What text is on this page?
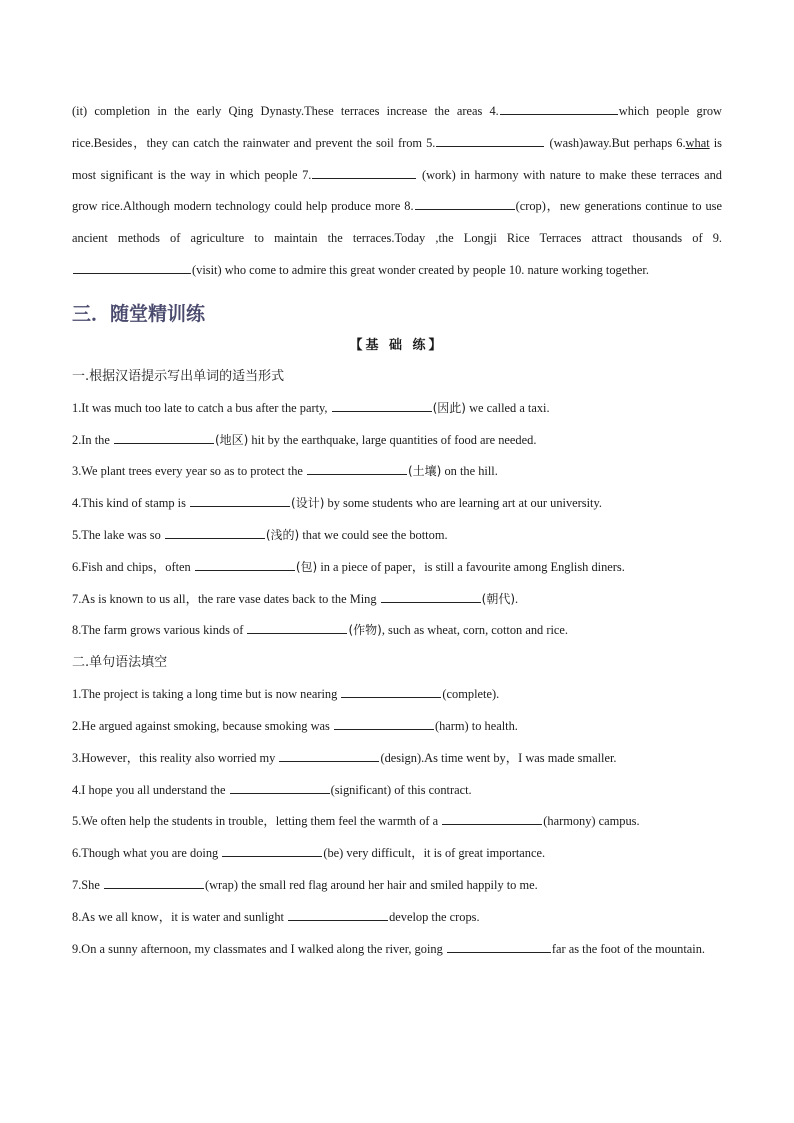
(it) completion in the early Qing Dynasty.These terraces increase the areas 4.	which people grow rice.Besides，they can catch the rainwater and prevent the soil from 5.	(wash)away.But perhaps 6.what is most significant is the way in which people 7.	(work) in harmony with nature to make these terraces and grow rice.Although modern technology could help produce more 8.	(crop)，new generations continue to use ancient methods of agriculture to maintain the terraces.Today ,the Longji Rice Terraces attract thousands of 9.(visit) who come to admire this great wonder created by people 10. nature working together.

三．随堂精训练
【基 础 练】
一.根据汉语提示写出单词的适当形式
1.It was much too late to catch a bus after the party,	(因此) we called a taxi.
2.In the	(地区) hit by the earthquake, large quantities of food are needed.
3.We plant trees every year so as to protect the	(土壤) on the hill.
4.This kind of stamp is	(设计) by some students who are learning art at our university.
5.The lake was so	(浅的) that we could see the bottom.
6.Fish and chips，often	(包) in a piece of paper，is still a favourite among English diners.
7.As is known to us all，the rare vase dates back to the Ming	(朝代).
8.The farm grows various kinds of	(作物), such as wheat, corn, cotton and rice.
二.单句语法填空
1.The project is taking a long time but is now nearing	(complete).
2.He argued against smoking, because smoking was	(harm) to health.
3.However，this reality also worried my	(design).As time went by，I was made smaller.
4.I hope you all understand the	(significant) of this contract.
5.We often help the students in trouble，letting them feel the warmth of a	(harmony) campus.
6.Though what you are doing	(be) very difficult，it is of great importance.
7.She	(wrap) the small red flag around her hair and smiled happily to me.
8.As we all know，it is water and sunlight	develop the crops.
9.On a sunny afternoon, my classmates and I walked along the river, going	far as the foot of the mountain.
